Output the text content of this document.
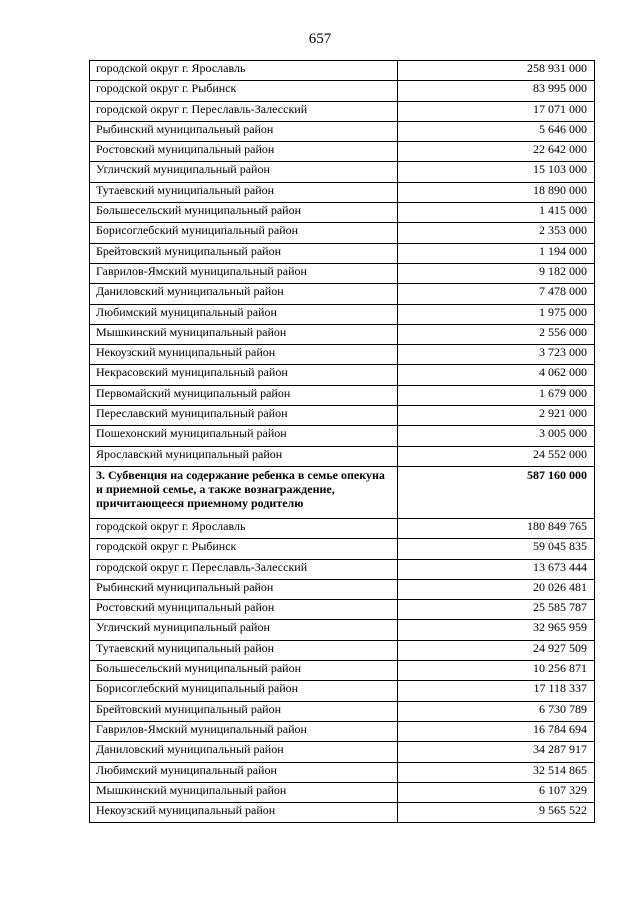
657
городской округ г. Ярославль	258 931 000
городской округ г. Рыбинск	83 995 000
городской округ г. Переславль-Залесский	17 071 000
Рыбинский муниципальный район	5 646 000
Ростовский муниципальный район	22 642 000
Угличский муниципальный район	15 103 000
Тутаевский муниципальный район	18 890 000
Большесельский муниципальный район	1 415 000
Борисоглебский муниципальный район	2 353 000
Брейтовский муниципальный район	1 194 000
Гаврилов-Ямский муниципальный район	9 182 000
Даниловский муниципальный район	7 478 000
Любимский муниципальный район	1 975 000
Мышкинский муниципальный район	2 556 000
Некоузский муниципальный район	3 723 000
Некрасовский муниципальный район	4 062 000
Первомайский муниципальный район	1 679 000
Переславский муниципальный район	2 921 000
Пошехонский муниципальный район	3 005 000
Ярославский муниципальный район	24 552 000
3. Субвенция на содержание ребенка в семье опекуна и приемной семье, а также вознаграждение, причитающееся приемному родителю	587 160 000
городской округ г. Ярославль	180 849 765
городской округ г. Рыбинск	59 045 835
городской округ г. Переславль-Залесский	13 673 444
Рыбинский муниципальный район	20 026 481
Ростовский муниципальный район	25 585 787
Угличский муниципальный район	32 965 959
Тутаевский муниципальный район	24 927 509
Большесельский муниципальный район	10 256 871
Борисоглебский муниципальный район	17 118 337
Брейтовский муниципальный район	6 730 789
Гаврилов-Ямский муниципальный район	16 784 694
Даниловский муниципальный район	34 287 917
Любимский муниципальный район	32 514 865
Мышкинский муниципальный район	6 107 329
Некоузский муниципальный район	9 565 522
